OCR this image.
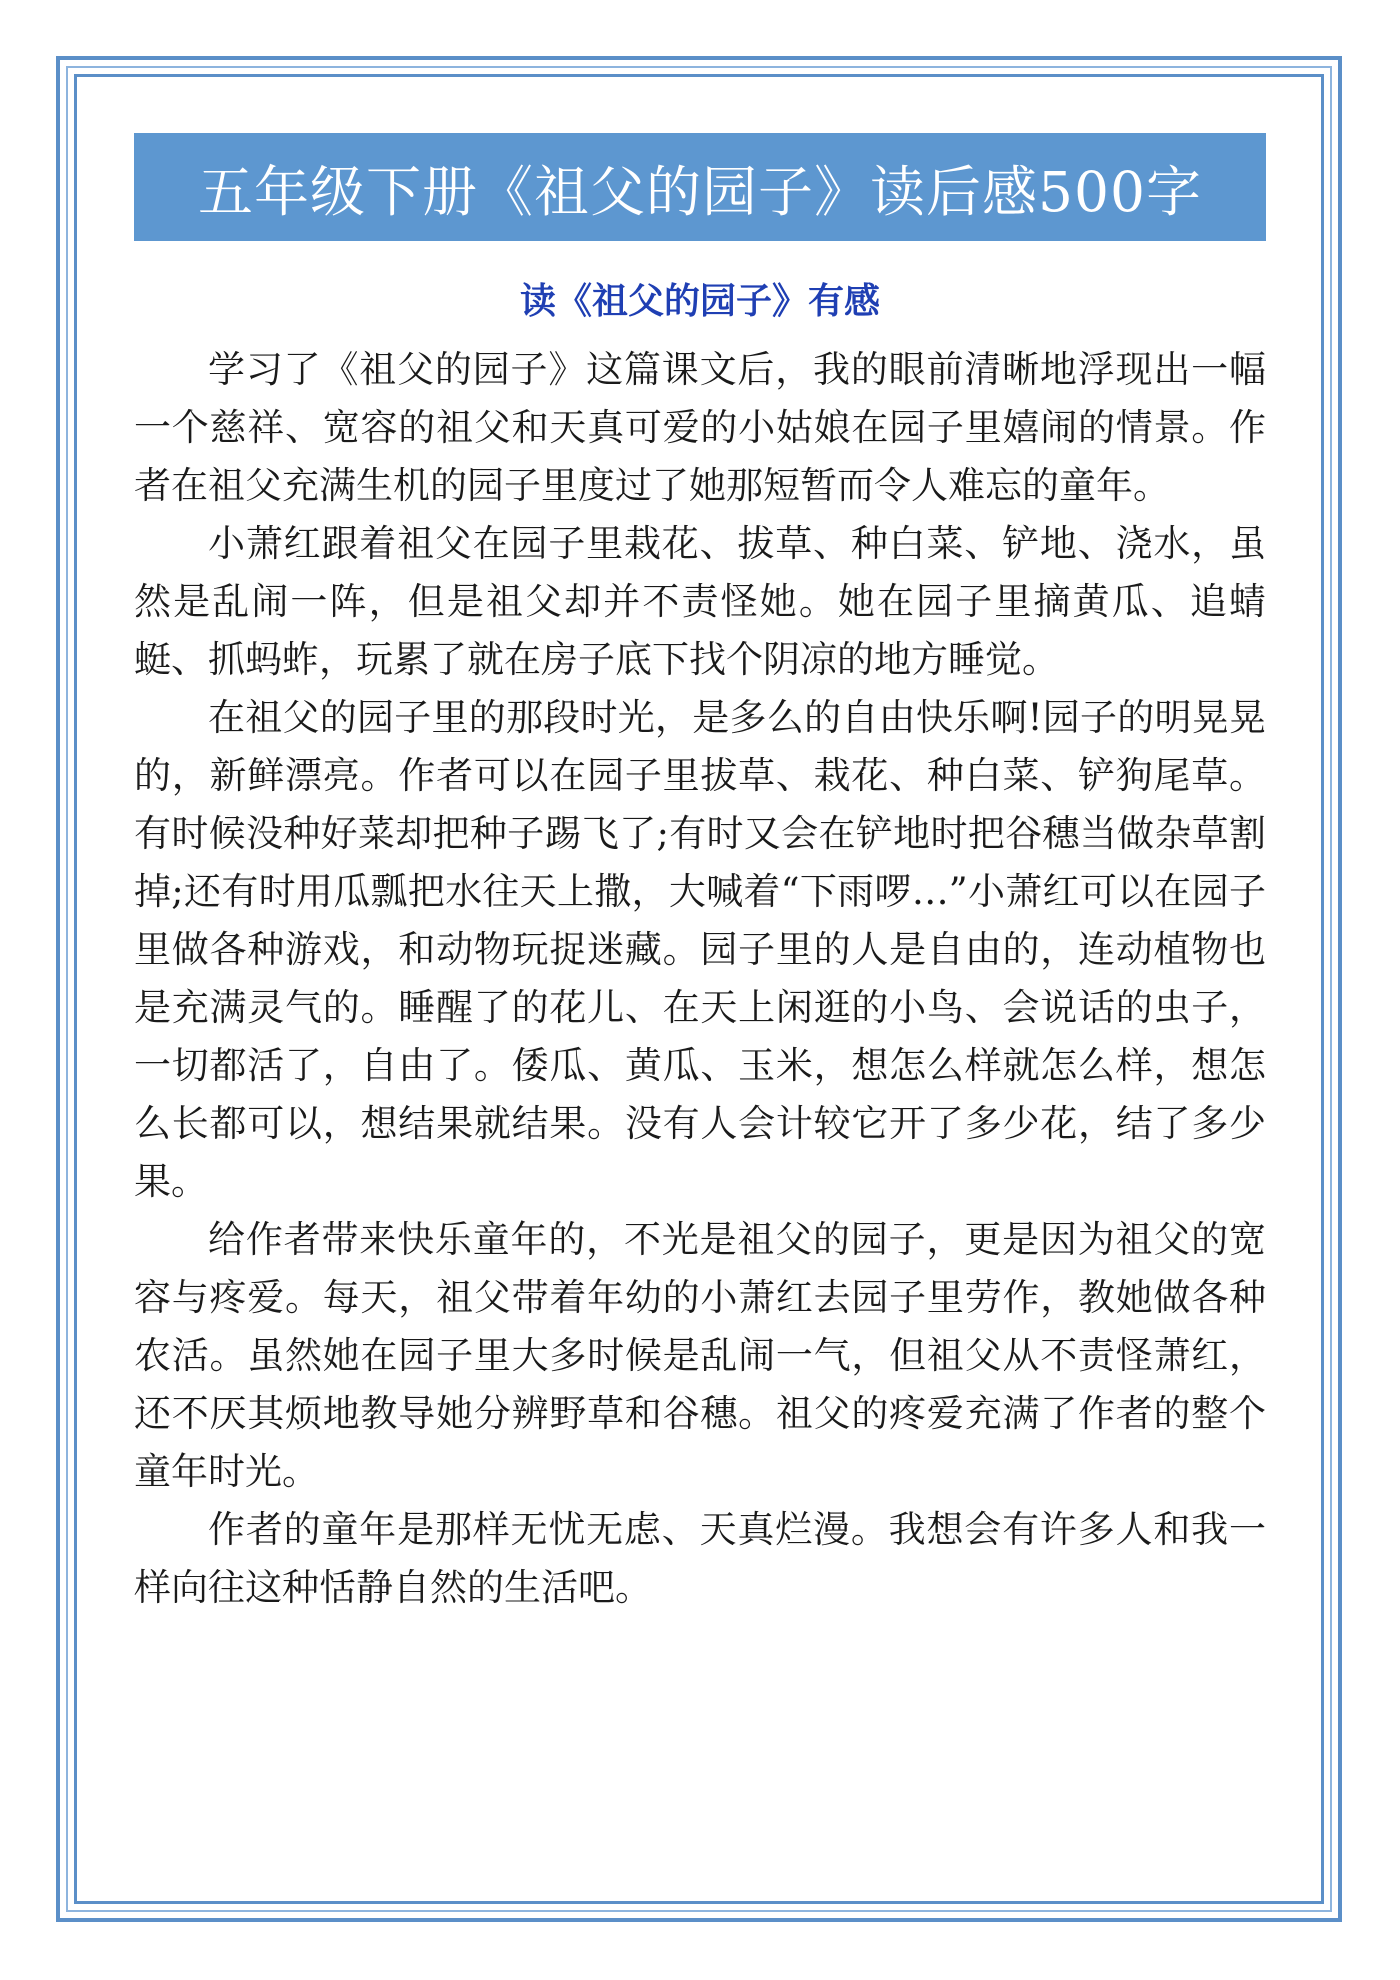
五年级下册《祖父的园子》读后感500字
读《祖父的园子》有感

学习了《祖父的园子》这篇课文后，我的眼前清晰地浮现出一幅一个慈祥、宽容的祖父和天真可爱的小姑娘在园子里嬉闹的情景。作者在祖父充满生机的园子里度过了她那短暂而令人难忘的童年。

小萧红跟着祖父在园子里栽花、拔草、种白菜、铲地、浇水，虽然是乱闹一阵，但是祖父却并不责怪她。她在园子里摘黄瓜、追蜻蜓、抓蚂蚱，玩累了就在房子底下找个阴凉的地方睡觉。

在祖父的园子里的那段时光，是多么的自由快乐啊!园子的明晃晃的，新鲜漂亮。作者可以在园子里拔草、栽花、种白菜、铲狗尾草。有时候没种好菜却把种子踢飞了;有时又会在铲地时把谷穗当做杂草割掉;还有时用瓜瓢把水往天上撒，大喊着“下雨啰…”小萧红可以在园子里做各种游戏，和动物玩捉迷藏。园子里的人是自由的，连动植物也是充满灵气的。睡醒了的花儿、在天上闲逛的小鸟、会说话的虫子，一切都活了，自由了。倭瓜、黄瓜、玉米，想怎么样就怎么样，想怎么长都可以，想结果就结果。没有人会计较它开了多少花，结了多少果。

给作者带来快乐童年的，不光是祖父的园子，更是因为祖父的宽容与疼爱。每天，祖父带着年幼的小萧红去园子里劳作，教她做各种农活。虽然她在园子里大多时候是乱闹一气，但祖父从不责怪萧红，还不厌其烦地教导她分辨野草和谷穗。祖父的疼爱充满了作者的整个童年时光。

作者的童年是那样无忧无虑、天真烂漫。我想会有许多人和我一样向往这种恬静自然的生活吧。
